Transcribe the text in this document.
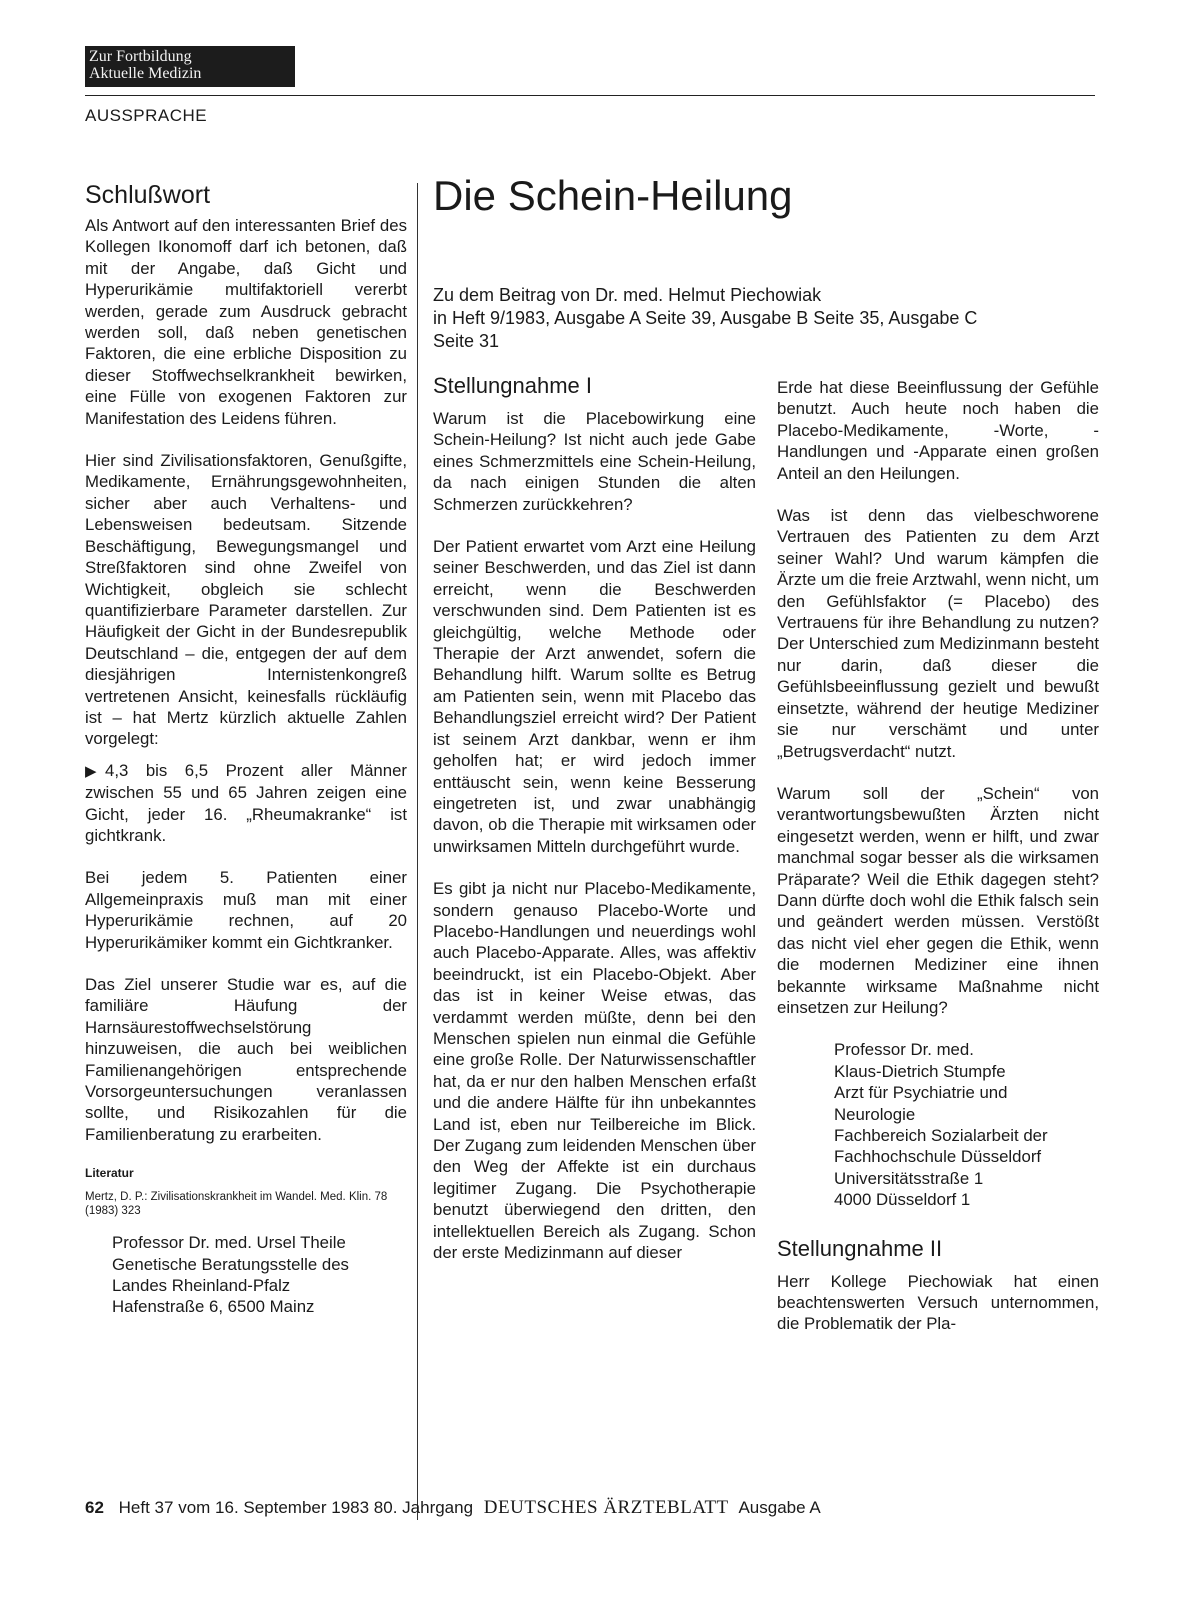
Zur Fortbildung
Aktuelle Medizin
AUSSPRACHE
Schlußwort

Als Antwort auf den interessanten Brief des Kollegen Ikonomoff darf ich betonen, daß mit der Angabe, daß Gicht und Hyperurikämie multifaktoriell vererbt werden, gerade zum Ausdruck gebracht werden soll, daß neben genetischen Faktoren, die eine erbliche Disposition zu dieser Stoffwechselkrankheit bewirken, eine Fülle von exogenen Faktoren zur Manifestation des Leidens führen.

Hier sind Zivilisationsfaktoren, Genußgifte, Medikamente, Ernährungsgewohnheiten, sicher aber auch Verhaltens- und Lebensweisen bedeutsam. Sitzende Beschäftigung, Bewegungsmangel und Streßfaktoren sind ohne Zweifel von Wichtigkeit, obgleich sie schlecht quantifizierbare Parameter darstellen. Zur Häufigkeit der Gicht in der Bundesrepublik Deutschland – die, entgegen der auf dem diesjährigen Internistenkongreß vertretenen Ansicht, keinesfalls rückläufig ist – hat Mertz kürzlich aktuelle Zahlen vorgelegt:

▶ 4,3 bis 6,5 Prozent aller Männer zwischen 55 und 65 Jahren zeigen eine Gicht, jeder 16. „Rheumakranke“ ist gichtkrank.

Bei jedem 5. Patienten einer Allgemeinpraxis muß man mit einer Hyperurikämie rechnen, auf 20 Hyperurikämiker kommt ein Gichtkranker.

Das Ziel unserer Studie war es, auf die familiäre Häufung der Harnsäurestoffwechselstörung hinzuweisen, die auch bei weiblichen Familienangehörigen entsprechende Vorsorgeuntersuchungen veranlassen sollte, und Risikozahlen für die Familienberatung zu erarbeiten.

Literatur
Mertz, D. P.: Zivilisationskrankheit im Wandel. Med. Klin. 78 (1983) 323
Professor Dr. med. Ursel Theile
Genetische Beratungsstelle des
Landes Rheinland-Pfalz
Hafenstraße 6, 6500 Mainz
Die Schein-Heilung
Zu dem Beitrag von Dr. med. Helmut Piechowiak
in Heft 9/1983, Ausgabe A Seite 39, Ausgabe B Seite 35, Ausgabe C
Seite 31
Stellungnahme I

Warum ist die Placebowirkung eine Schein-Heilung? Ist nicht auch jede Gabe eines Schmerzmittels eine Schein-Heilung, da nach einigen Stunden die alten Schmerzen zurückkehren?

Der Patient erwartet vom Arzt eine Heilung seiner Beschwerden, und das Ziel ist dann erreicht, wenn die Beschwerden verschwunden sind. Dem Patienten ist es gleichgültig, welche Methode oder Therapie der Arzt anwendet, sofern die Behandlung hilft. Warum sollte es Betrug am Patienten sein, wenn mit Placebo das Behandlungsziel erreicht wird? Der Patient ist seinem Arzt dankbar, wenn er ihm geholfen hat; er wird jedoch immer enttäuscht sein, wenn keine Besserung eingetreten ist, und zwar unabhängig davon, ob die Therapie mit wirksamen oder unwirksamen Mitteln durchgeführt wurde.

Es gibt ja nicht nur Placebo-Medikamente, sondern genauso Placebo-Worte und Placebo-Handlungen und neuerdings wohl auch Placebo-Apparate. Alles, was affektiv beeindruckt, ist ein Placebo-Objekt. Aber das ist in keiner Weise etwas, das verdammt werden müßte, denn bei den Menschen spielen nun einmal die Gefühle eine große Rolle. Der Naturwissenschaftler hat, da er nur den halben Menschen erfaßt und die andere Hälfte für ihn unbekanntes Land ist, eben nur Teilbereiche im Blick. Der Zugang zum leidenden Menschen über den Weg der Affekte ist ein durchaus legitimer Zugang. Die Psychotherapie benutzt überwiegend den dritten, den intellektuellen Bereich als Zugang. Schon der erste Medizinmann auf dieser

Erde hat diese Beeinflussung der Gefühle benutzt. Auch heute noch haben die Placebo-Medikamente, -Worte, -Handlungen und -Apparate einen großen Anteil an den Heilungen.

Was ist denn das vielbeschworene Vertrauen des Patienten zu dem Arzt seiner Wahl? Und warum kämpfen die Ärzte um die freie Arztwahl, wenn nicht, um den Gefühlsfaktor (= Placebo) des Vertrauens für ihre Behandlung zu nutzen? Der Unterschied zum Medizinmann besteht nur darin, daß dieser die Gefühlsbeeinflussung gezielt und bewußt einsetzte, während der heutige Mediziner sie nur verschämt und unter „Betrugsverdacht“ nutzt.

Warum soll der „Schein“ von verantwortungsbewußten Ärzten nicht eingesetzt werden, wenn er hilft, und zwar manchmal sogar besser als die wirksamen Präparate? Weil die Ethik dagegen steht? Dann dürfte doch wohl die Ethik falsch sein und geändert werden müssen. Verstößt das nicht viel eher gegen die Ethik, wenn die modernen Mediziner eine ihnen bekannte wirksame Maßnahme nicht einsetzen zur Heilung?

Professor Dr. med.
Klaus-Dietrich Stumpfe
Arzt für Psychiatrie und
Neurologie
Fachbereich Sozialarbeit der
Fachhochschule Düsseldorf
Universitätsstraße 1
4000 Düsseldorf 1
Stellungnahme II

Herr Kollege Piechowiak hat einen beachtenswerten Versuch unternommen, die Problematik der Pla-

62 Heft 37 vom 16. September 1983 80. Jahrgang DEUTSCHES ÄRZTEBLATT Ausgabe A
